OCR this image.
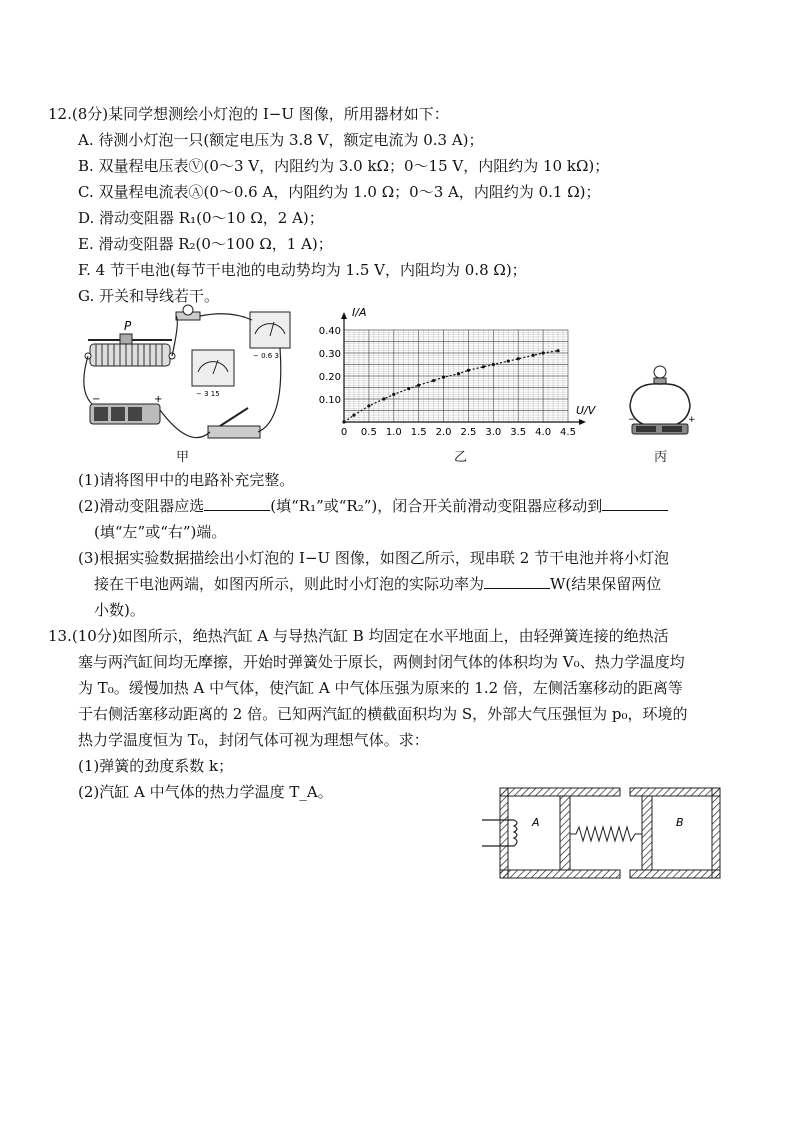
12.(8分)某同学想测绘小灯泡的 I−U 图像，所用器材如下：
A. 待测小灯泡一只(额定电压为 3.8 V，额定电流为 0.3 A)；
B. 双量程电压表Ⓥ(0～3 V，内阻约为 3.0 kΩ；0～15 V，内阻约为 10 kΩ)；
C. 双量程电流表Ⓐ(0～0.6 A，内阻约为 1.0 Ω；0～3 A，内阻约为 0.1 Ω)；
D. 滑动变阻器 R₁(0～10 Ω，2 A)；
E. 滑动变阻器 R₂(0～100 Ω，1 A)；
F. 4 节干电池(每节干电池的电动势均为 1.5 V，内阻均为 0.8 Ω)；
G. 开关和导线若干。
P
−	+	− 3 15
− 0.6 3
甲
0 0.5 1.0 1.5 2.0 2.5 3.0 3.5 4.0 4.5
0.10
0.20
0.30
0.40
I/A
U/V
乙
−	+
丙
(1)请将图甲中的电路补充完整。
(2)滑动变阻器应选	(填“R₁”或“R₂”)，闭合开关前滑动变阻器应移动到
(填“左”或“右”)端。
(3)根据实验数据描绘出小灯泡的 I−U 图像，如图乙所示，现串联 2 节干电池并将小灯泡
接在干电池两端，如图丙所示，则此时小灯泡的实际功率为	W(结果保留两位
小数)。
13.(10分)如图所示，绝热汽缸 A 与导热汽缸 B 均固定在水平地面上，由轻弹簧连接的绝热活
塞与两汽缸间均无摩擦，开始时弹簧处于原长，两侧封闭气体的体积均为 V₀、热力学温度均
为 T₀。缓慢加热 A 中气体，使汽缸 A 中气体压强为原来的 1.2 倍，左侧活塞移动的距离等
于右侧活塞移动距离的 2 倍。已知两汽缸的横截面积均为 S，外部大气压强恒为 p₀，环境的
热力学温度恒为 T₀，封闭气体可视为理想气体。求：
(1)弹簧的劲度系数 k；
(2)汽缸 A 中气体的热力学温度 T_A。
A	B
